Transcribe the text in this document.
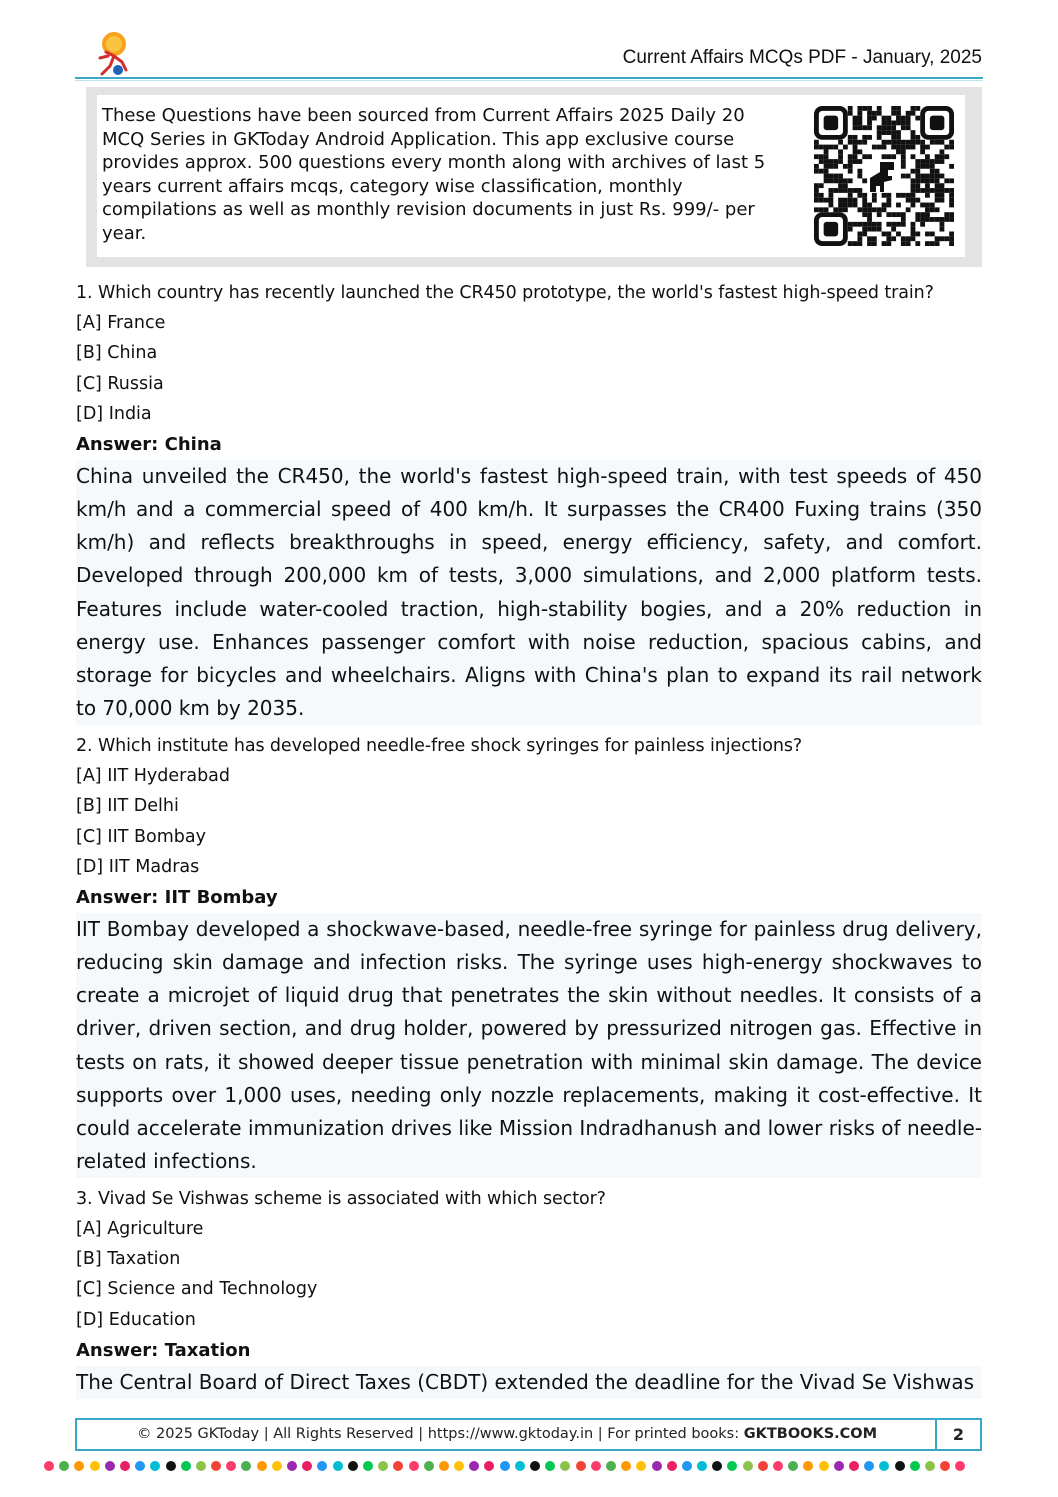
Current Affairs MCQs PDF - January, 2025
These Questions have been sourced from Current Affairs 2025 Daily 20 MCQ Series in GKToday Android Application. This app exclusive course provides approx. 500 questions every month along with archives of last 5 years current affairs mcqs, category wise classification, monthly compilations as well as monthly revision documents in just Rs. 999/- per year.
1. Which country has recently launched the CR450 prototype, the world's fastest high-speed train?
[A] France
[B] China
[C] Russia
[D] India
Answer: China
China unveiled the CR450, the world's fastest high-speed train, with test speeds of 450 km/h and a commercial speed of 400 km/h. It surpasses the CR400 Fuxing trains (350 km/h) and reflects breakthroughs in speed, energy efficiency, safety, and comfort. Developed through 200,000 km of tests, 3,000 simulations, and 2,000 platform tests. Features include water-cooled traction, high-stability bogies, and a 20% reduction in energy use. Enhances passenger comfort with noise reduction, spacious cabins, and storage for bicycles and wheelchairs. Aligns with China's plan to expand its rail network to 70,000 km by 2035.
2. Which institute has developed needle-free shock syringes for painless injections?
[A] IIT Hyderabad
[B] IIT Delhi
[C] IIT Bombay
[D] IIT Madras
Answer: IIT Bombay
IIT Bombay developed a shockwave-based, needle-free syringe for painless drug delivery, reducing skin damage and infection risks. The syringe uses high-energy shockwaves to create a microjet of liquid drug that penetrates the skin without needles. It consists of a driver, driven section, and drug holder, powered by pressurized nitrogen gas. Effective in tests on rats, it showed deeper tissue penetration with minimal skin damage. The device supports over 1,000 uses, needing only nozzle replacements, making it cost-effective. It could accelerate immunization drives like Mission Indradhanush and lower risks of needle-related infections.
3. Vivad Se Vishwas scheme is associated with which sector?
[A] Agriculture
[B] Taxation
[C] Science and Technology
[D] Education
Answer: Taxation
The Central Board of Direct Taxes (CBDT) extended the deadline for the Vivad Se Vishwas
© 2025 GKToday | All Rights Reserved | https://www.gktoday.in | For printed books: GKTBOOKS.COM	2
